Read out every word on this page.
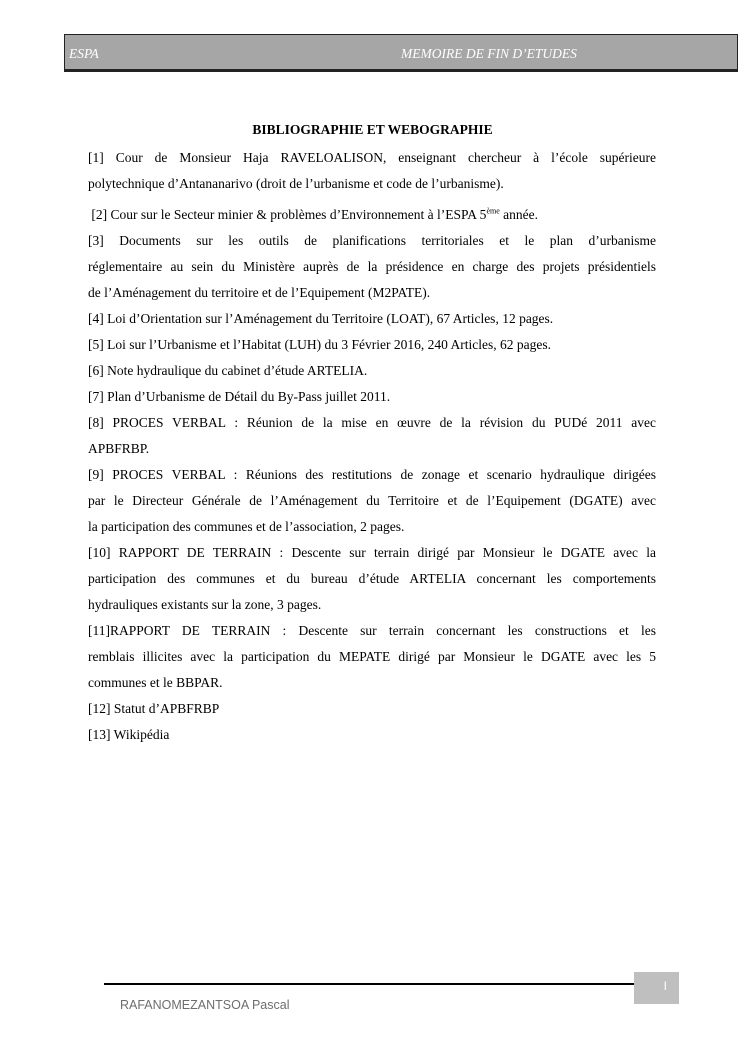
ESPA	MEMOIRE DE FIN D’ETUDES
BIBLIOGRAPHIE ET WEBOGRAPHIE
[1] Cour de Monsieur Haja RAVELOALISON, enseignant chercheur à l’école supérieure
polytechnique d’Antananarivo (droit de l’urbanisme et code de l’urbanisme).
[2] Cour sur le Secteur minier & problèmes d’Environnement à l’ESPA 5ème année.
[3] Documents sur les outils de planifications territoriales et le plan d’urbanisme
réglementaire au sein du Ministère auprès de la présidence en charge des projets présidentiels
de l’Aménagement du territoire et de l’Equipement (M2PATE).
[4] Loi d’Orientation sur l’Aménagement du Territoire (LOAT), 67 Articles, 12 pages.
[5] Loi sur l’Urbanisme et l’Habitat (LUH) du 3 Février 2016, 240 Articles, 62 pages.
[6] Note hydraulique du cabinet d’étude ARTELIA.
[7] Plan d’Urbanisme de Détail du By-Pass juillet 2011.
[8] PROCES VERBAL : Réunion de la mise en œuvre de la révision du PUDé 2011 avec
APBFRBP.
[9] PROCES VERBAL : Réunions des restitutions de zonage et scenario hydraulique dirigées
par le Directeur Générale de l’Aménagement du Territoire et de l’Equipement (DGATE) avec
la participation des communes et de l’association, 2 pages.
[10] RAPPORT DE TERRAIN : Descente sur terrain dirigé par Monsieur le DGATE avec la
participation des communes et du bureau d’étude ARTELIA concernant les comportements
hydrauliques existants sur la zone, 3 pages.
[11]RAPPORT DE TERRAIN : Descente sur terrain concernant les constructions et les
remblais illicites avec la participation du MEPATE dirigé par Monsieur le DGATE avec les 5
communes et le BBPAR.
[12] Statut d’APBFRBP
[13] Wikipédia
I
RAFANOMEZANTSOA Pascal
